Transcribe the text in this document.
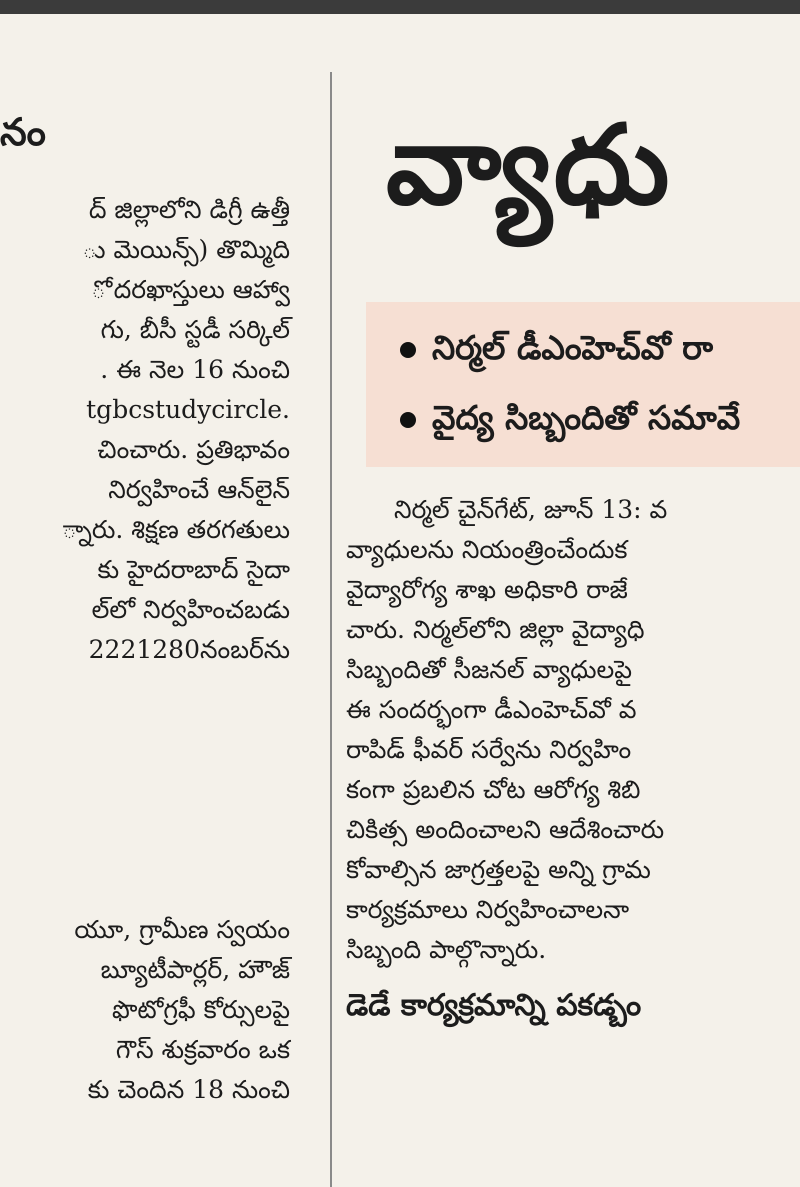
నం
ద్ జిల్లాలోని డిగ్రీ ఉత్తీ
ు మెయిన్స్) తొమ్మిది
ో దరఖాస్తులు ఆహ్వా
గు, బీసీ స్టడీ సర్కిల్
. ఈ నెల 16 నుంచి
tgbcstudycircle.
చించారు. ప్రతిభావం
నిర్వహించే ఆన్‌లైన్
్నారు. శిక్షణ తరగతులు
కు హైదరాబాద్ సైదా
ల్‌లో నిర్వహించబడు
2221280నంబర్‌ను
యూ, గ్రామీణ స్వయం
బ్యూటీపార్లర్, హౌజ్
ఫొటోగ్రఫీ కోర్సులపై
గౌస్ శుక్రవారం ఒక
కు చెందిన 18 నుంచి
వ్యాధు
నిర్మల్ డీఎంహెచ్‌వో రా
వైద్య సిబ్బందితో సమావే
నిర్మల్ చైన్‌గేట్, జూన్ 13: వ
వ్యాధులను నియంత్రించేందుక
వైద్యారోగ్య శాఖ అధికారి రాజే
చారు. నిర్మల్‌లోని జిల్లా వైద్యాధి
సిబ్బందితో సీజనల్ వ్యాధులపై
ఈ సందర్భంగా డీఎంహెచ్‌వో వ
రాపిడ్ ఫీవర్ సర్వేను నిర్వహిం
కంగా ప్రబలిన చోట ఆరోగ్య శిబి
చికిత్స అందించాలని ఆదేశించారు
కోవాల్సిన జాగ్రత్తలపై అన్ని గ్రామ
కార్యక్రమాలు నిర్వహించాలనా
సిబ్బంది పాల్గొన్నారు.
డెడే కార్యక్రమాన్ని పకడ్బం
